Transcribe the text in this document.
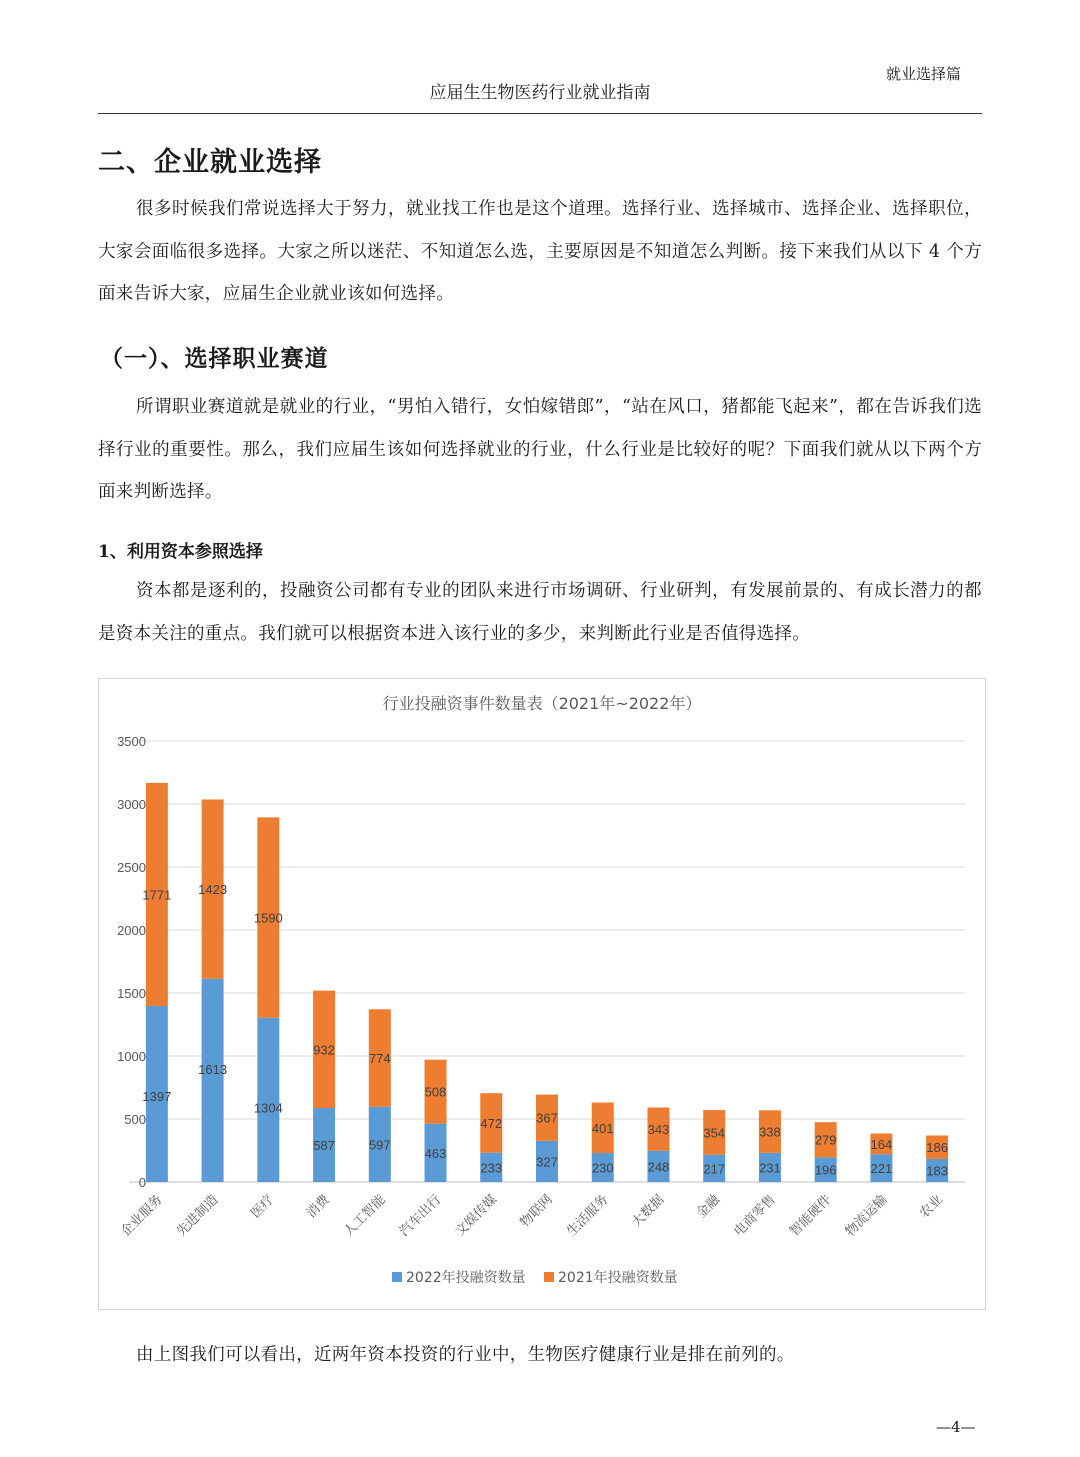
就业选择篇
应届生生物医药行业就业指南
二、企业就业选择

很多时候我们常说选择大于努力，就业找工作也是这个道理。选择行业、选择城市、选择企业、选择职位，大家会面临很多选择。大家之所以迷茫、不知道怎么选，主要原因是不知道怎么判断。接下来我们从以下 4 个方面来告诉大家，应届生企业就业该如何选择。

（一）、选择职业赛道

所谓职业赛道就是就业的行业，“男怕入错行，女怕嫁错郎”，“站在风口，猪都能飞起来”，都在告诉我们选择行业的重要性。那么，我们应届生该如何选择就业的行业，什么行业是比较好的呢？下面我们就从以下两个方面来判断选择。

1、利用资本参照选择

资本都是逐利的，投融资公司都有专业的团队来进行市场调研、行业研判，有发展前景的、有成长潜力的都是资本关注的重点。我们就可以根据资本进入该行业的多少，来判断此行业是否值得选择。

行业投融资事件数量表（2021年~2022年）
0
500
1000
1500
2000
2500
3000
3500
1397
1771
1613
1423
1304
1590
587
932
597
774
463
508
233
472
327
367
230
401
248
343
217
354
231
338
196
279
221
164
183
186
企业服务 先进制造 医疗 消费 人工智能 汽车出行 文娱传媒 物联网 生活服务 大数据 金融 电商零售 智能硬件 物流运输 农业
2022年投融资数量 2021年投融资数量

由上图我们可以看出，近两年资本投资的行业中，生物医疗健康行业是排在前列的。

—4—
